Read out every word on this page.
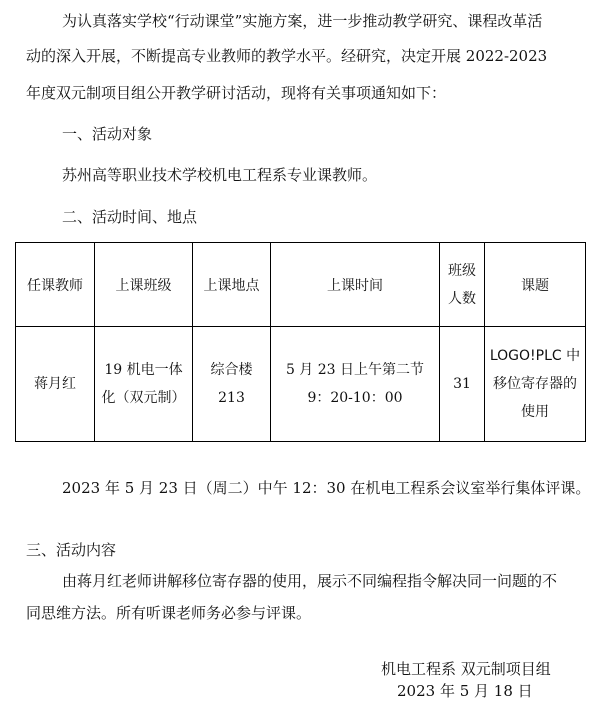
为认真落实学校“行动课堂”实施方案，进一步推动教学研究、课程改革活
动的深入开展，不断提高专业教师的教学水平。经研究，决定开展 2022-2023
年度双元制项目组公开教学研讨活动，现将有关事项通知如下：
一、活动对象
苏州高等职业技术学校机电工程系专业课教师。
二、活动时间、地点
任课教师	上课班级	上课地点	上课时间	班级人数	课题
蒋月红	19 机电一体化（双元制）	综合楼 213	5 月 23 日上午第二节 9：20-10：00	31	LOGO!PLC 中移位寄存器的使用
2023 年 5 月 23 日（周二）中午 12：30 在机电工程系会议室举行集体评课。
三、活动内容
由蒋月红老师讲解移位寄存器的使用，展示不同编程指令解决同一问题的不
同思维方法。所有听课老师务必参与评课。
机电工程系 双元制项目组
2023 年 5 月 18 日
